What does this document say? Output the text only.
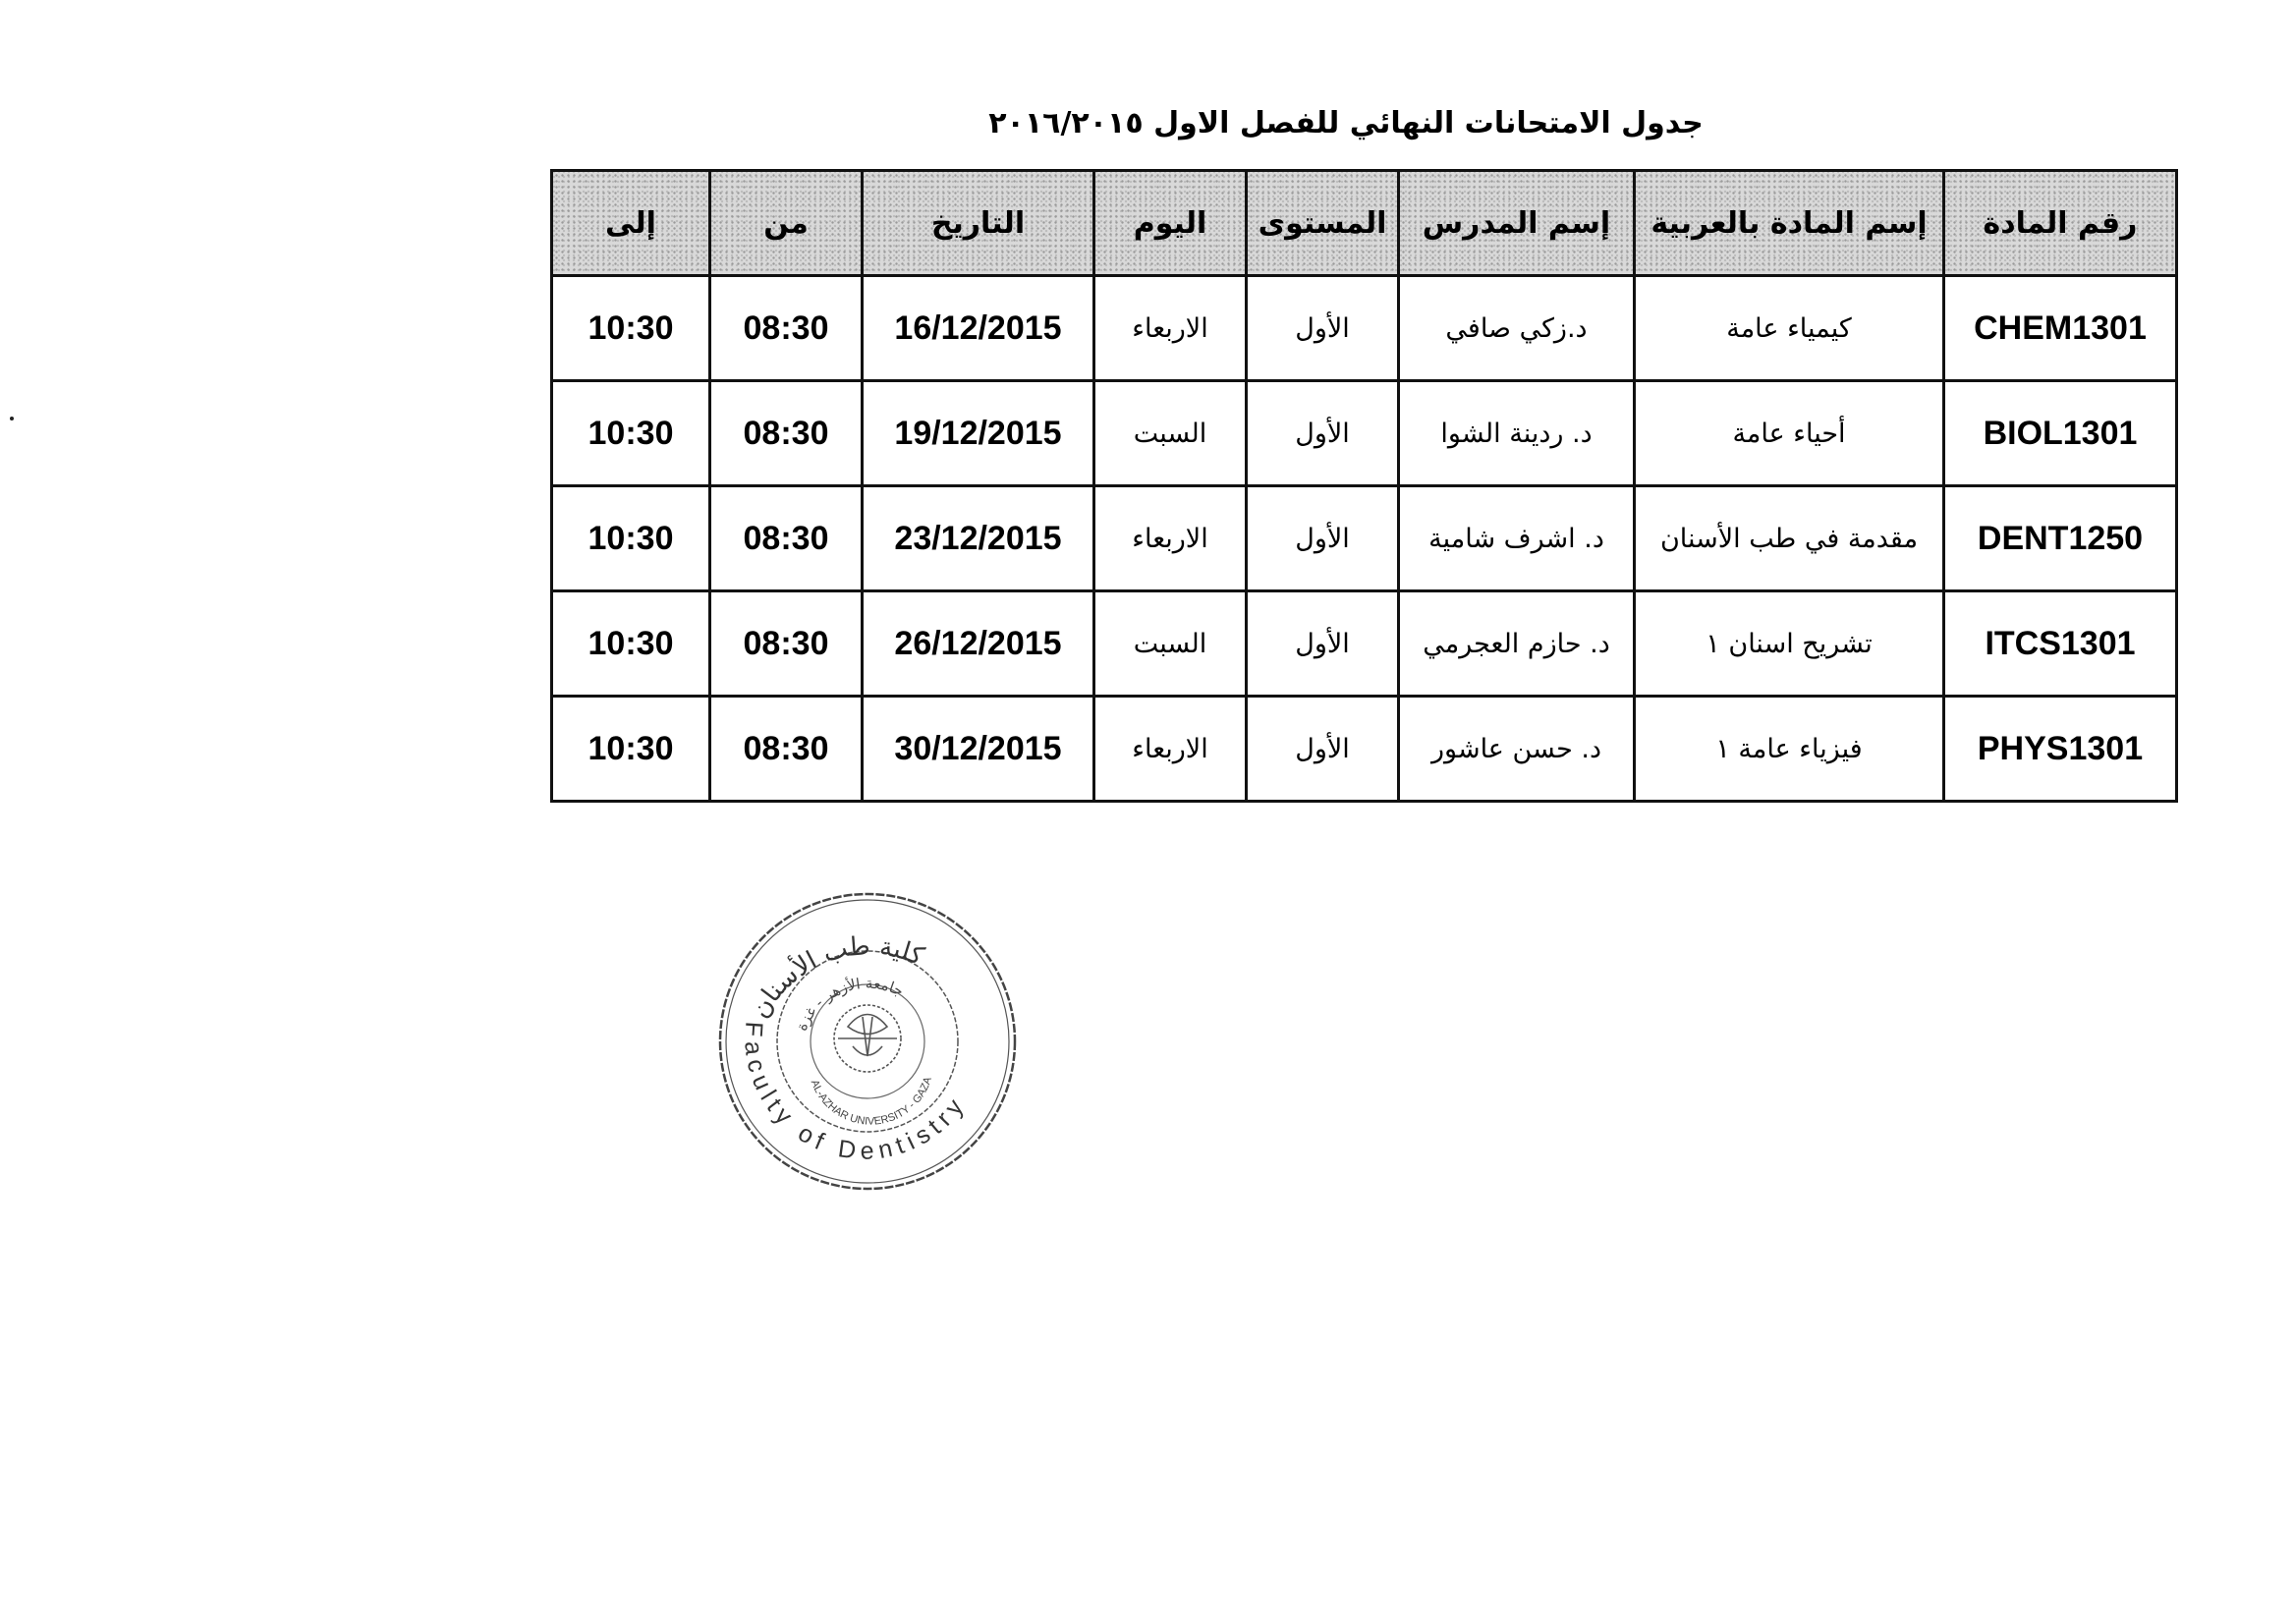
جدول الامتحانات النهائي للفصل الاول ٢٠١٦/٢٠١٥
رقم المادة	إسم المادة بالعربية	إسم المدرس	المستوى	اليوم	التاريخ	من	إلى
CHEM1301	كيمياء عامة	د.زكي صافي	الأول	الاربعاء	16/12/2015	08:30	10:30
BIOL1301	أحياء عامة	د. ردينة الشوا	الأول	السبت	19/12/2015	08:30	10:30
DENT1250	مقدمة في طب الأسنان	د. اشرف شامية	الأول	الاربعاء	23/12/2015	08:30	10:30
ITCS1301	تشريح اسنان ١	د. حازم العجرمي	الأول	السبت	26/12/2015	08:30	10:30
PHYS1301	فيزياء عامة ١	د. حسن عاشور	الأول	الاربعاء	30/12/2015	08:30	10:30
كلية طب الأسنان
Faculty of Dentistry
جامعة الأزهر - غزة
AL-AZHAR UNIVERSITY - GAZA
